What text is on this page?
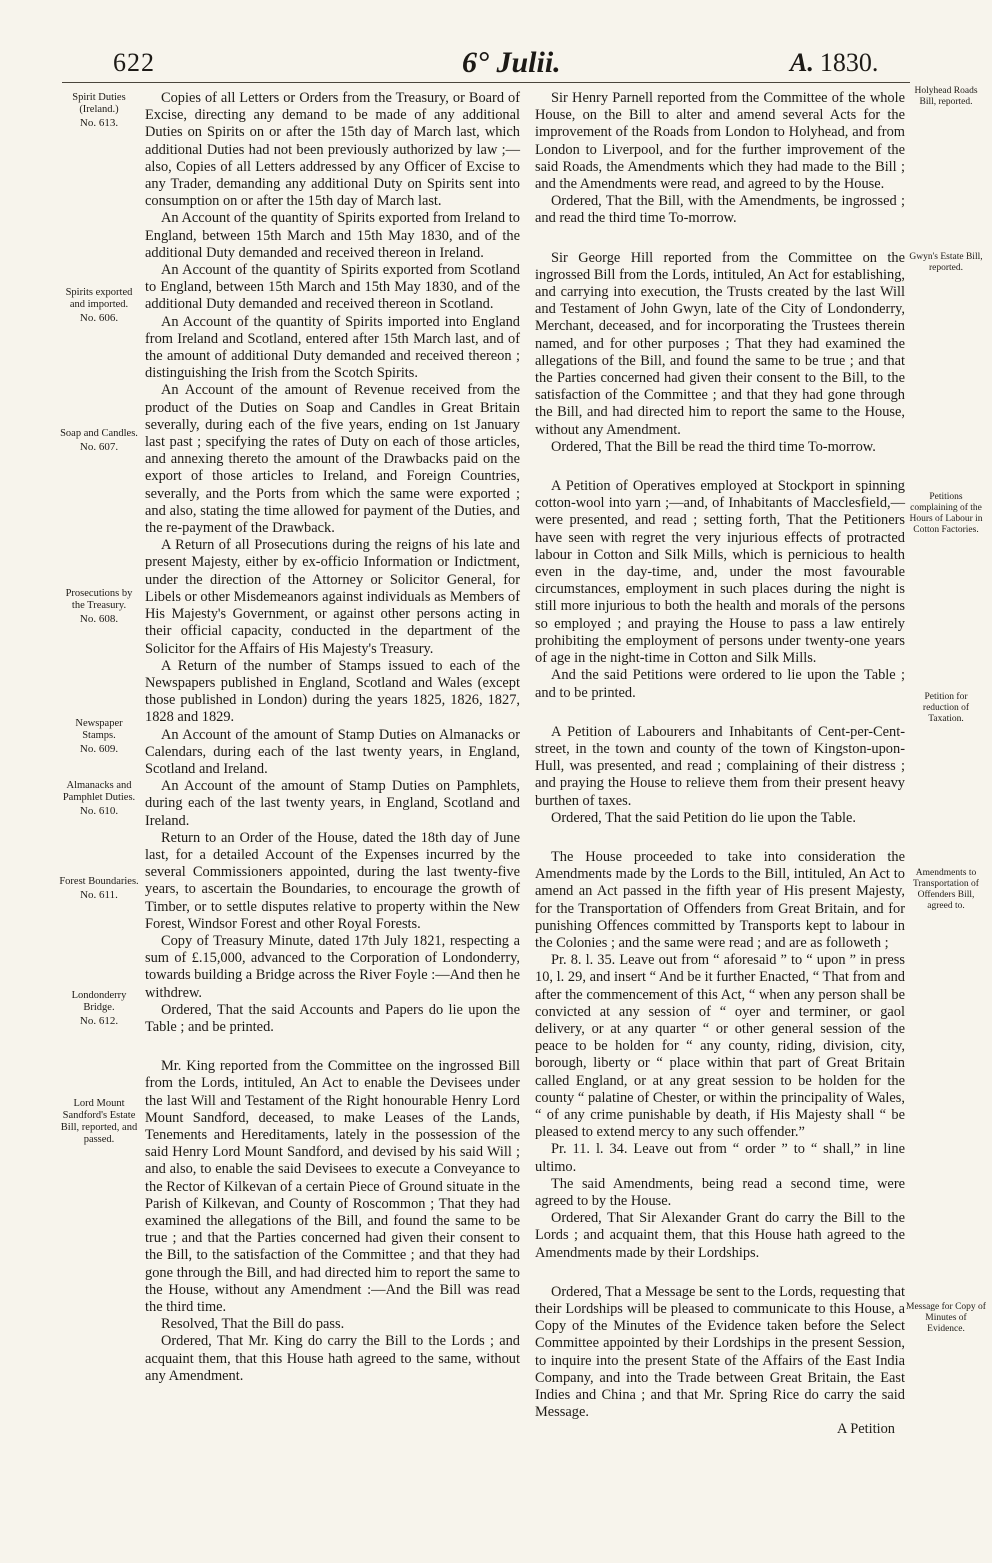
622	6° Julii.	A. 1830.
Spirit Duties (Ireland.)
No. 613.
Spirits exported and imported.
No. 606.
Soap and Candles.
No. 607.
Prosecutions by the Treasury.
No. 608.
Newspaper Stamps.
No. 609.
Almanacks and Pamphlet Duties.
No. 610.
Forest Boundaries.
No. 611.
Londonderry Bridge.
No. 612.
Lord Mount Sandford's Estate Bill, reported, and passed.

Copies of all Letters or Orders from the Treasury, or Board of Excise, directing any demand to be made of any additional Duties on Spirits on or after the 15th day of March last, which additional Duties had not been previously authorized by law ;—also, Copies of all Letters addressed by any Officer of Excise to any Trader, demanding any additional Duty on Spirits sent into consumption on or after the 15th day of March last.

An Account of the quantity of Spirits exported from Ireland to England, between 15th March and 15th May 1830, and of the additional Duty demanded and received thereon in Ireland.

An Account of the quantity of Spirits exported from Scotland to England, between 15th March and 15th May 1830, and of the additional Duty demanded and received thereon in Scotland.

An Account of the quantity of Spirits imported into England from Ireland and Scotland, entered after 15th March last, and of the amount of additional Duty demanded and received thereon ; distinguishing the Irish from the Scotch Spirits.

An Account of the amount of Revenue received from the product of the Duties on Soap and Candles in Great Britain severally, during each of the five years, ending on 1st January last past ; specifying the rates of Duty on each of those articles, and annexing thereto the amount of the Drawbacks paid on the export of those articles to Ireland, and Foreign Countries, severally, and the Ports from which the same were exported ; and also, stating the time allowed for payment of the Duties, and the re-payment of the Drawback.

A Return of all Prosecutions during the reigns of his late and present Majesty, either by ex-officio Information or Indictment, under the direction of the Attorney or Solicitor General, for Libels or other Misdemeanors against individuals as Members of His Majesty's Government, or against other persons acting in their official capacity, conducted in the department of the Solicitor for the Affairs of His Majesty's Treasury.

A Return of the number of Stamps issued to each of the Newspapers published in England, Scotland and Wales (except those published in London) during the years 1825, 1826, 1827, 1828 and 1829.

An Account of the amount of Stamp Duties on Almanacks or Calendars, during each of the last twenty years, in England, Scotland and Ireland.

An Account of the amount of Stamp Duties on Pamphlets, during each of the last twenty years, in England, Scotland and Ireland.

Return to an Order of the House, dated the 18th day of June last, for a detailed Account of the Expenses incurred by the several Commissioners appointed, during the last twenty-five years, to ascertain the Boundaries, to encourage the growth of Timber, or to settle disputes relative to property within the New Forest, Windsor Forest and other Royal Forests.

Copy of Treasury Minute, dated 17th July 1821, respecting a sum of £.15,000, advanced to the Corporation of Londonderry, towards building a Bridge across the River Foyle :—And then he withdrew.

Ordered, That the said Accounts and Papers do lie upon the Table ; and be printed.

Mr. King reported from the Committee on the ingrossed Bill from the Lords, intituled, An Act to enable the Devisees under the last Will and Testament of the Right honourable Henry Lord Mount Sandford, deceased, to make Leases of the Lands, Tenements and Hereditaments, lately in the possession of the said Henry Lord Mount Sandford, and devised by his said Will ; and also, to enable the said Devisees to execute a Conveyance to the Rector of Kilkevan of a certain Piece of Ground situate in the Parish of Kilkevan, and County of Roscommon ; That they had examined the allegations of the Bill, and found the same to be true ; and that the Parties concerned had given their consent to the Bill, to the satisfaction of the Committee ; and that they had gone through the Bill, and had directed him to report the same to the House, without any Amendment :—And the Bill was read the third time.

Resolved, That the Bill do pass.

Ordered, That Mr. King do carry the Bill to the Lords ; and acquaint them, that this House hath agreed to the same, without any Amendment.

Holyhead Roads Bill, reported.
Gwyn's Estate Bill, reported.
Petitions complaining of the Hours of Labour in Cotton Factories.
Petition for reduction of Taxation.
Amendments to Transportation of Offenders Bill, agreed to.
Message for Copy of Minutes of Evidence.

Sir Henry Parnell reported from the Committee of the whole House, on the Bill to alter and amend several Acts for the improvement of the Roads from London to Holyhead, and from London to Liverpool, and for the further improvement of the said Roads, the Amendments which they had made to the Bill ; and the Amendments were read, and agreed to by the House.

Ordered, That the Bill, with the Amendments, be ingrossed ; and read the third time To-morrow.

Sir George Hill reported from the Committee on the ingrossed Bill from the Lords, intituled, An Act for establishing, and carrying into execution, the Trusts created by the last Will and Testament of John Gwyn, late of the City of Londonderry, Merchant, deceased, and for incorporating the Trustees therein named, and for other purposes ; That they had examined the allegations of the Bill, and found the same to be true ; and that the Parties concerned had given their consent to the Bill, to the satisfaction of the Committee ; and that they had gone through the Bill, and had directed him to report the same to the House, without any Amendment.

Ordered, That the Bill be read the third time To-morrow.

A Petition of Operatives employed at Stockport in spinning cotton-wool into yarn ;—and, of Inhabitants of Macclesfield,—were presented, and read ; setting forth, That the Petitioners have seen with regret the very injurious effects of protracted labour in Cotton and Silk Mills, which is pernicious to health even in the day-time, and, under the most favourable circumstances, employment in such places during the night is still more injurious to both the health and morals of the persons so employed ; and praying the House to pass a law entirely prohibiting the employment of persons under twenty-one years of age in the night-time in Cotton and Silk Mills.

And the said Petitions were ordered to lie upon the Table ; and to be printed.

A Petition of Labourers and Inhabitants of Cent-per-Cent-street, in the town and county of the town of Kingston-upon-Hull, was presented, and read ; complaining of their distress ; and praying the House to relieve them from their present heavy burthen of taxes.

Ordered, That the said Petition do lie upon the Table.

The House proceeded to take into consideration the Amendments made by the Lords to the Bill, intituled, An Act to amend an Act passed in the fifth year of His present Majesty, for the Transportation of Offenders from Great Britain, and for punishing Offences committed by Transports kept to labour in the Colonies ; and the same were read ; and are as followeth ;

Pr. 8. l. 35. Leave out from “ aforesaid ” to “ upon ” in press 10, l. 29, and insert “ And be it further Enacted, “ That from and after the commencement of this Act, “ when any person shall be convicted at any session of “ oyer and terminer, or gaol delivery, or at any quarter “ or other general session of the peace to be holden for “ any county, riding, division, city, borough, liberty or “ place within that part of Great Britain called England, or at any great session to be holden for the county “ palatine of Chester, or within the principality of Wales, “ of any crime punishable by death, if His Majesty shall “ be pleased to extend mercy to any such offender.”

Pr. 11. l. 34. Leave out from “ order ” to “ shall,” in line ultimo.

The said Amendments, being read a second time, were agreed to by the House.

Ordered, That Sir Alexander Grant do carry the Bill to the Lords ; and acquaint them, that this House hath agreed to the Amendments made by their Lordships.

Ordered, That a Message be sent to the Lords, requesting that their Lordships will be pleased to communicate to this House, a Copy of the Minutes of the Evidence taken before the Select Committee appointed by their Lordships in the present Session, to inquire into the present State of the Affairs of the East India Company, and into the Trade between Great Britain, the East Indies and China ; and that Mr. Spring Rice do carry the said Message.

A Petition
